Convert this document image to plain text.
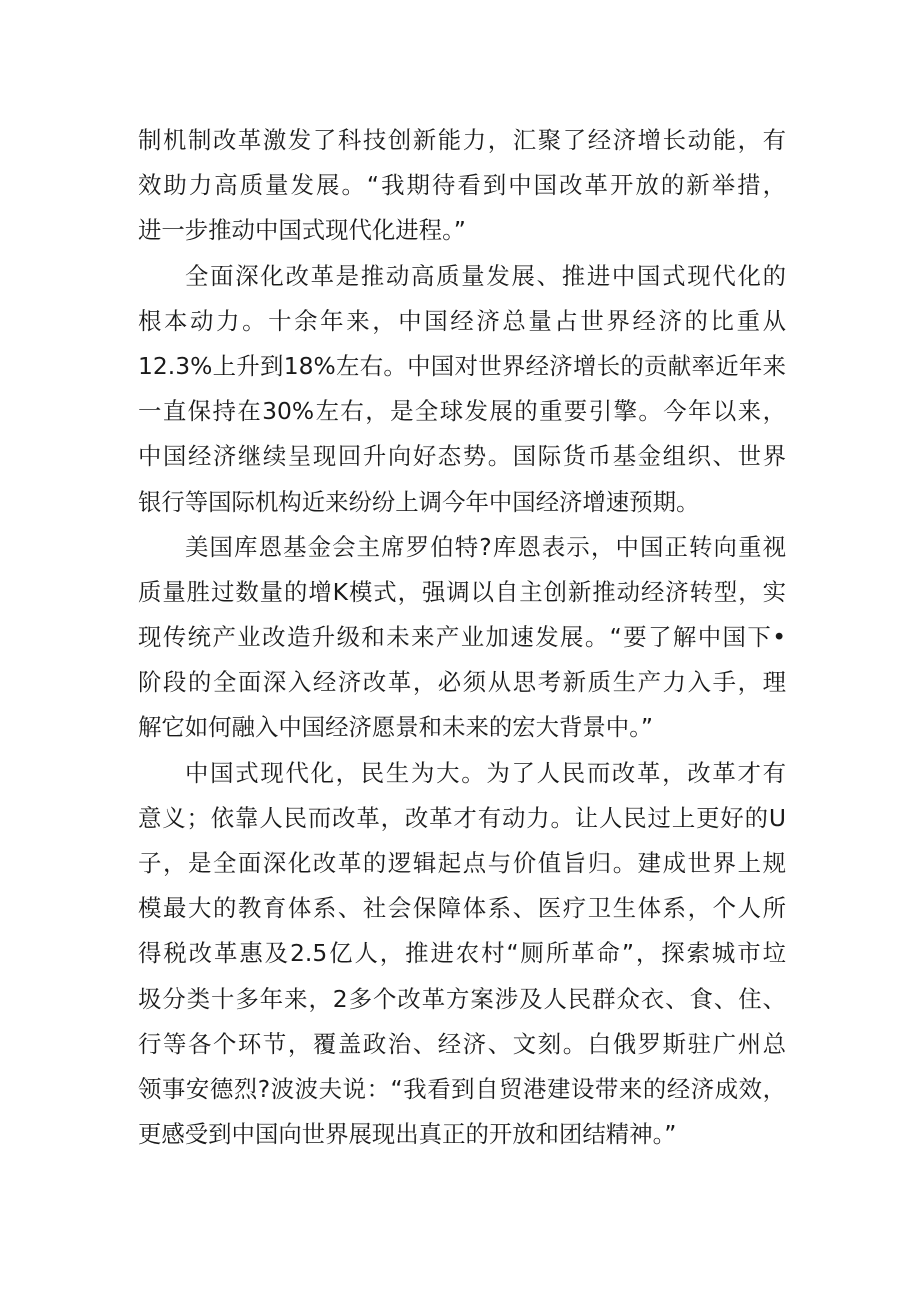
制机制改革激发了科技创新能力，汇聚了经济增长动能，有
效助力高质量发展。“我期待看到中国改革开放的新举措，
进一步推动中国式现代化进程。”
全面深化改革是推动高质量发展、推进中国式现代化的
根本动力。十余年来，中国经济总量占世界经济的比重从
12.3%上升到18%左右。中国对世界经济增长的贡献率近年来
一直保持在30%左右，是全球发展的重要引擎。今年以来，
中国经济继续呈现回升向好态势。国际货币基金组织、世界
银行等国际机构近来纷纷上调今年中国经济增速预期。
美国库恩基金会主席罗伯特?库恩表示，中国正转向重视
质量胜过数量的增K模式，强调以自主创新推动经济转型，实
现传统产业改造升级和未来产业加速发展。“要了解中国下•
阶段的全面深入经济改革，必须从思考新质生产力入手，理
解它如何融入中国经济愿景和未来的宏大背景中。”
中国式现代化，民生为大。为了人民而改革，改革才有
意义；依靠人民而改革，改革才有动力。让人民过上更好的U
子，是全面深化改革的逻辑起点与价值旨归。建成世界上规
模最大的教育体系、社会保障体系、医疗卫生体系，个人所
得税改革惠及2.5亿人，推进农村“厕所革命”，探索城市垃
圾分类十多年来，2多个改革方案涉及人民群众衣、食、住、
行等各个环节，覆盖政治、经济、文刻。白俄罗斯驻广州总
领事安德烈?波波夫说：“我看到自贸港建设带来的经济成效，
更感受到中国向世界展现出真正的开放和团结精神。”
